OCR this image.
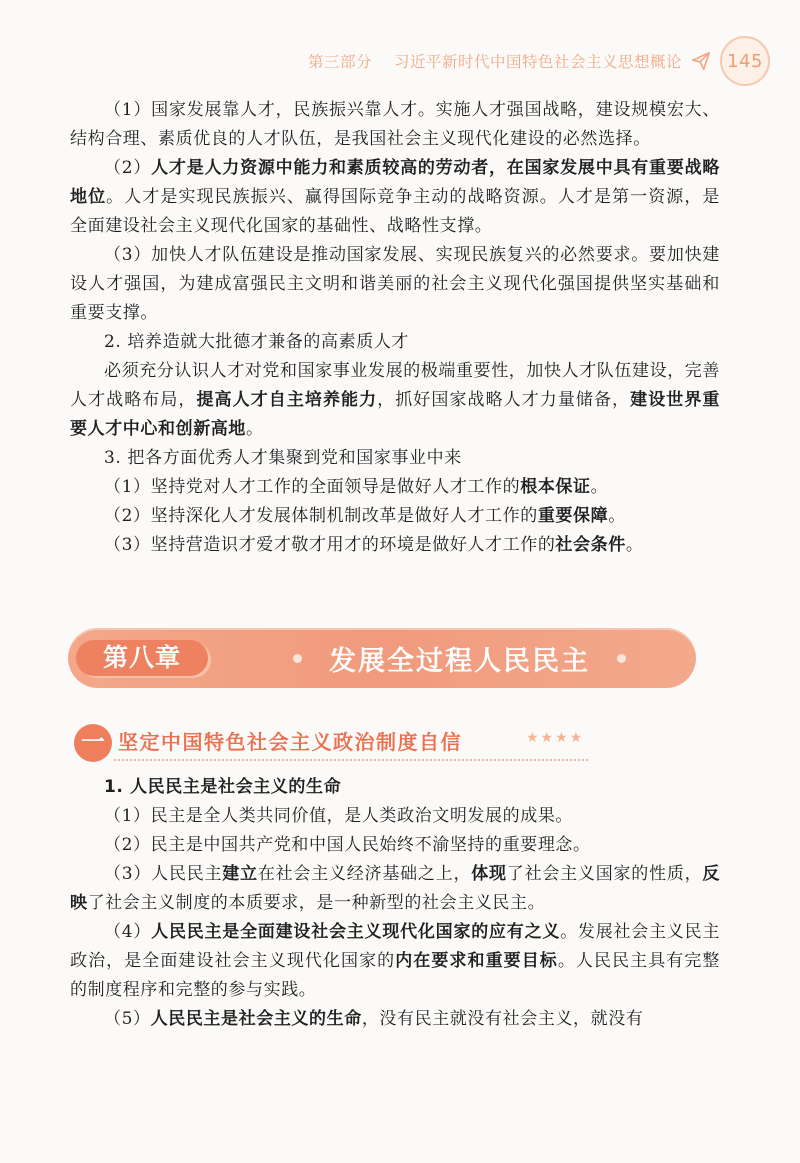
第三部分 习近平新时代中国特色社会主义思想概论	145

（1）国家发展靠人才，民族振兴靠人才。实施人才强国战略，建设规模宏大、结构合理、素质优良的人才队伍，是我国社会主义现代化建设的必然选择。

（2）人才是人力资源中能力和素质较高的劳动者，在国家发展中具有重要战略地位。人才是实现民族振兴、赢得国际竞争主动的战略资源。人才是第一资源，是全面建设社会主义现代化国家的基础性、战略性支撑。

（3）加快人才队伍建设是推动国家发展、实现民族复兴的必然要求。要加快建设人才强国，为建成富强民主文明和谐美丽的社会主义现代化强国提供坚实基础和重要支撑。

2. 培养造就大批德才兼备的高素质人才

必须充分认识人才对党和国家事业发展的极端重要性，加快人才队伍建设，完善人才战略布局，提高人才自主培养能力，抓好国家战略人才力量储备，建设世界重要人才中心和创新高地。

3. 把各方面优秀人才集聚到党和国家事业中来

（1）坚持党对人才工作的全面领导是做好人才工作的根本保证。

（2）坚持深化人才发展体制机制改革是做好人才工作的重要保障。

（3）坚持营造识才爱才敬才用才的环境是做好人才工作的社会条件。

第八章	发展全过程人民民主
一 坚定中国特色社会主义政治制度自信	★★★★

1. 人民民主是社会主义的生命

（1）民主是全人类共同价值，是人类政治文明发展的成果。

（2）民主是中国共产党和中国人民始终不渝坚持的重要理念。

（3）人民民主建立在社会主义经济基础之上，体现了社会主义国家的性质，反映了社会主义制度的本质要求，是一种新型的社会主义民主。

（4）人民民主是全面建设社会主义现代化国家的应有之义。发展社会主义民主政治，是全面建设社会主义现代化国家的内在要求和重要目标。人民民主具有完整的制度程序和完整的参与实践。

（5）人民民主是社会主义的生命，没有民主就没有社会主义，就没有
